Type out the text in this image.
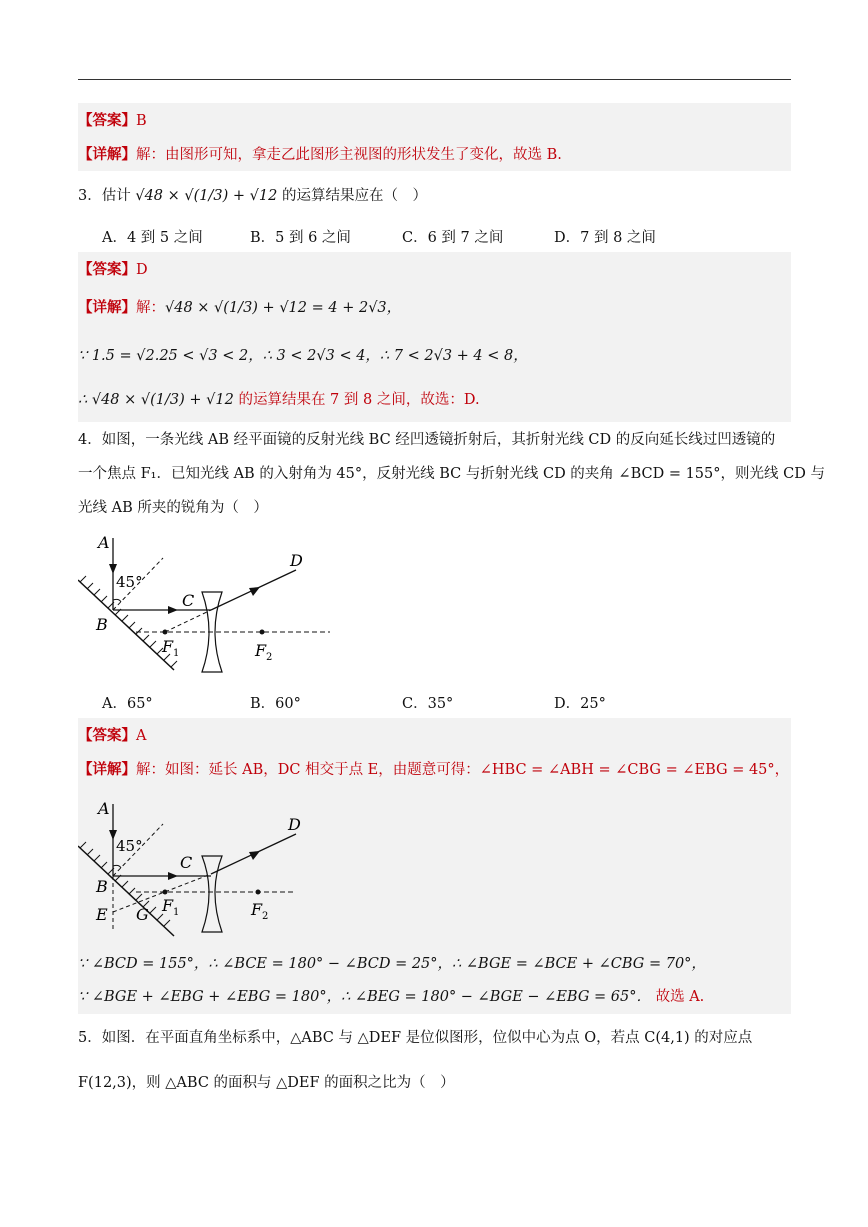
【答案】B
【详解】解：由图形可知，拿走乙此图形主视图的形状发生了变化，故选 B.
3．估计 √48 × √(1/3) + √12 的运算结果应在（　）
A．4 到 5 之间	B．5 到 6 之间	C．6 到 7 之间	D．7 到 8 之间
【答案】D
【详解】解：√48 × √(1/3) + √12 = 4 + 2√3，
∵ 1.5 = √2.25 < √3 < 2，∴ 3 < 2√3 < 4，∴ 7 < 2√3 + 4 < 8，
∴ √48 × √(1/3) + √12 的运算结果在 7 到 8 之间，故选：D.
4．如图，一条光线 AB 经平面镜的反射光线 BC 经凹透镜折射后，其折射光线 CD 的反向延长线过凹透镜的
一个焦点 F₁．已知光线 AB 的入射角为 45°，反射光线 BC 与折射光线 CD 的夹角 ∠BCD = 155°，则光线 CD 与
光线 AB 所夹的锐角为（　）
A
45°
B
C
D
F 1	F 2
A．65°	B．60°	C．35°	D．25°
【答案】A
【详解】解：如图：延长 AB，DC 相交于点 E，由题意可得：∠HBC = ∠ABH = ∠CBG = ∠EBG = 45°，
A
45°
B
C
D
E G F 1	F 2
∵ ∠BCD = 155°，∴ ∠BCE = 180° − ∠BCD = 25°，∴ ∠BGE = ∠BCE + ∠CBG = 70°，
∵ ∠BGE + ∠EBG + ∠EBG = 180°，∴ ∠BEG = 180° − ∠BGE − ∠EBG = 65°． 故选 A.
5．如图．在平面直角坐标系中，△ABC 与 △DEF 是位似图形，位似中心为点 O，若点 C(4,1) 的对应点
F(12,3)，则 △ABC 的面积与 △DEF 的面积之比为（　）
